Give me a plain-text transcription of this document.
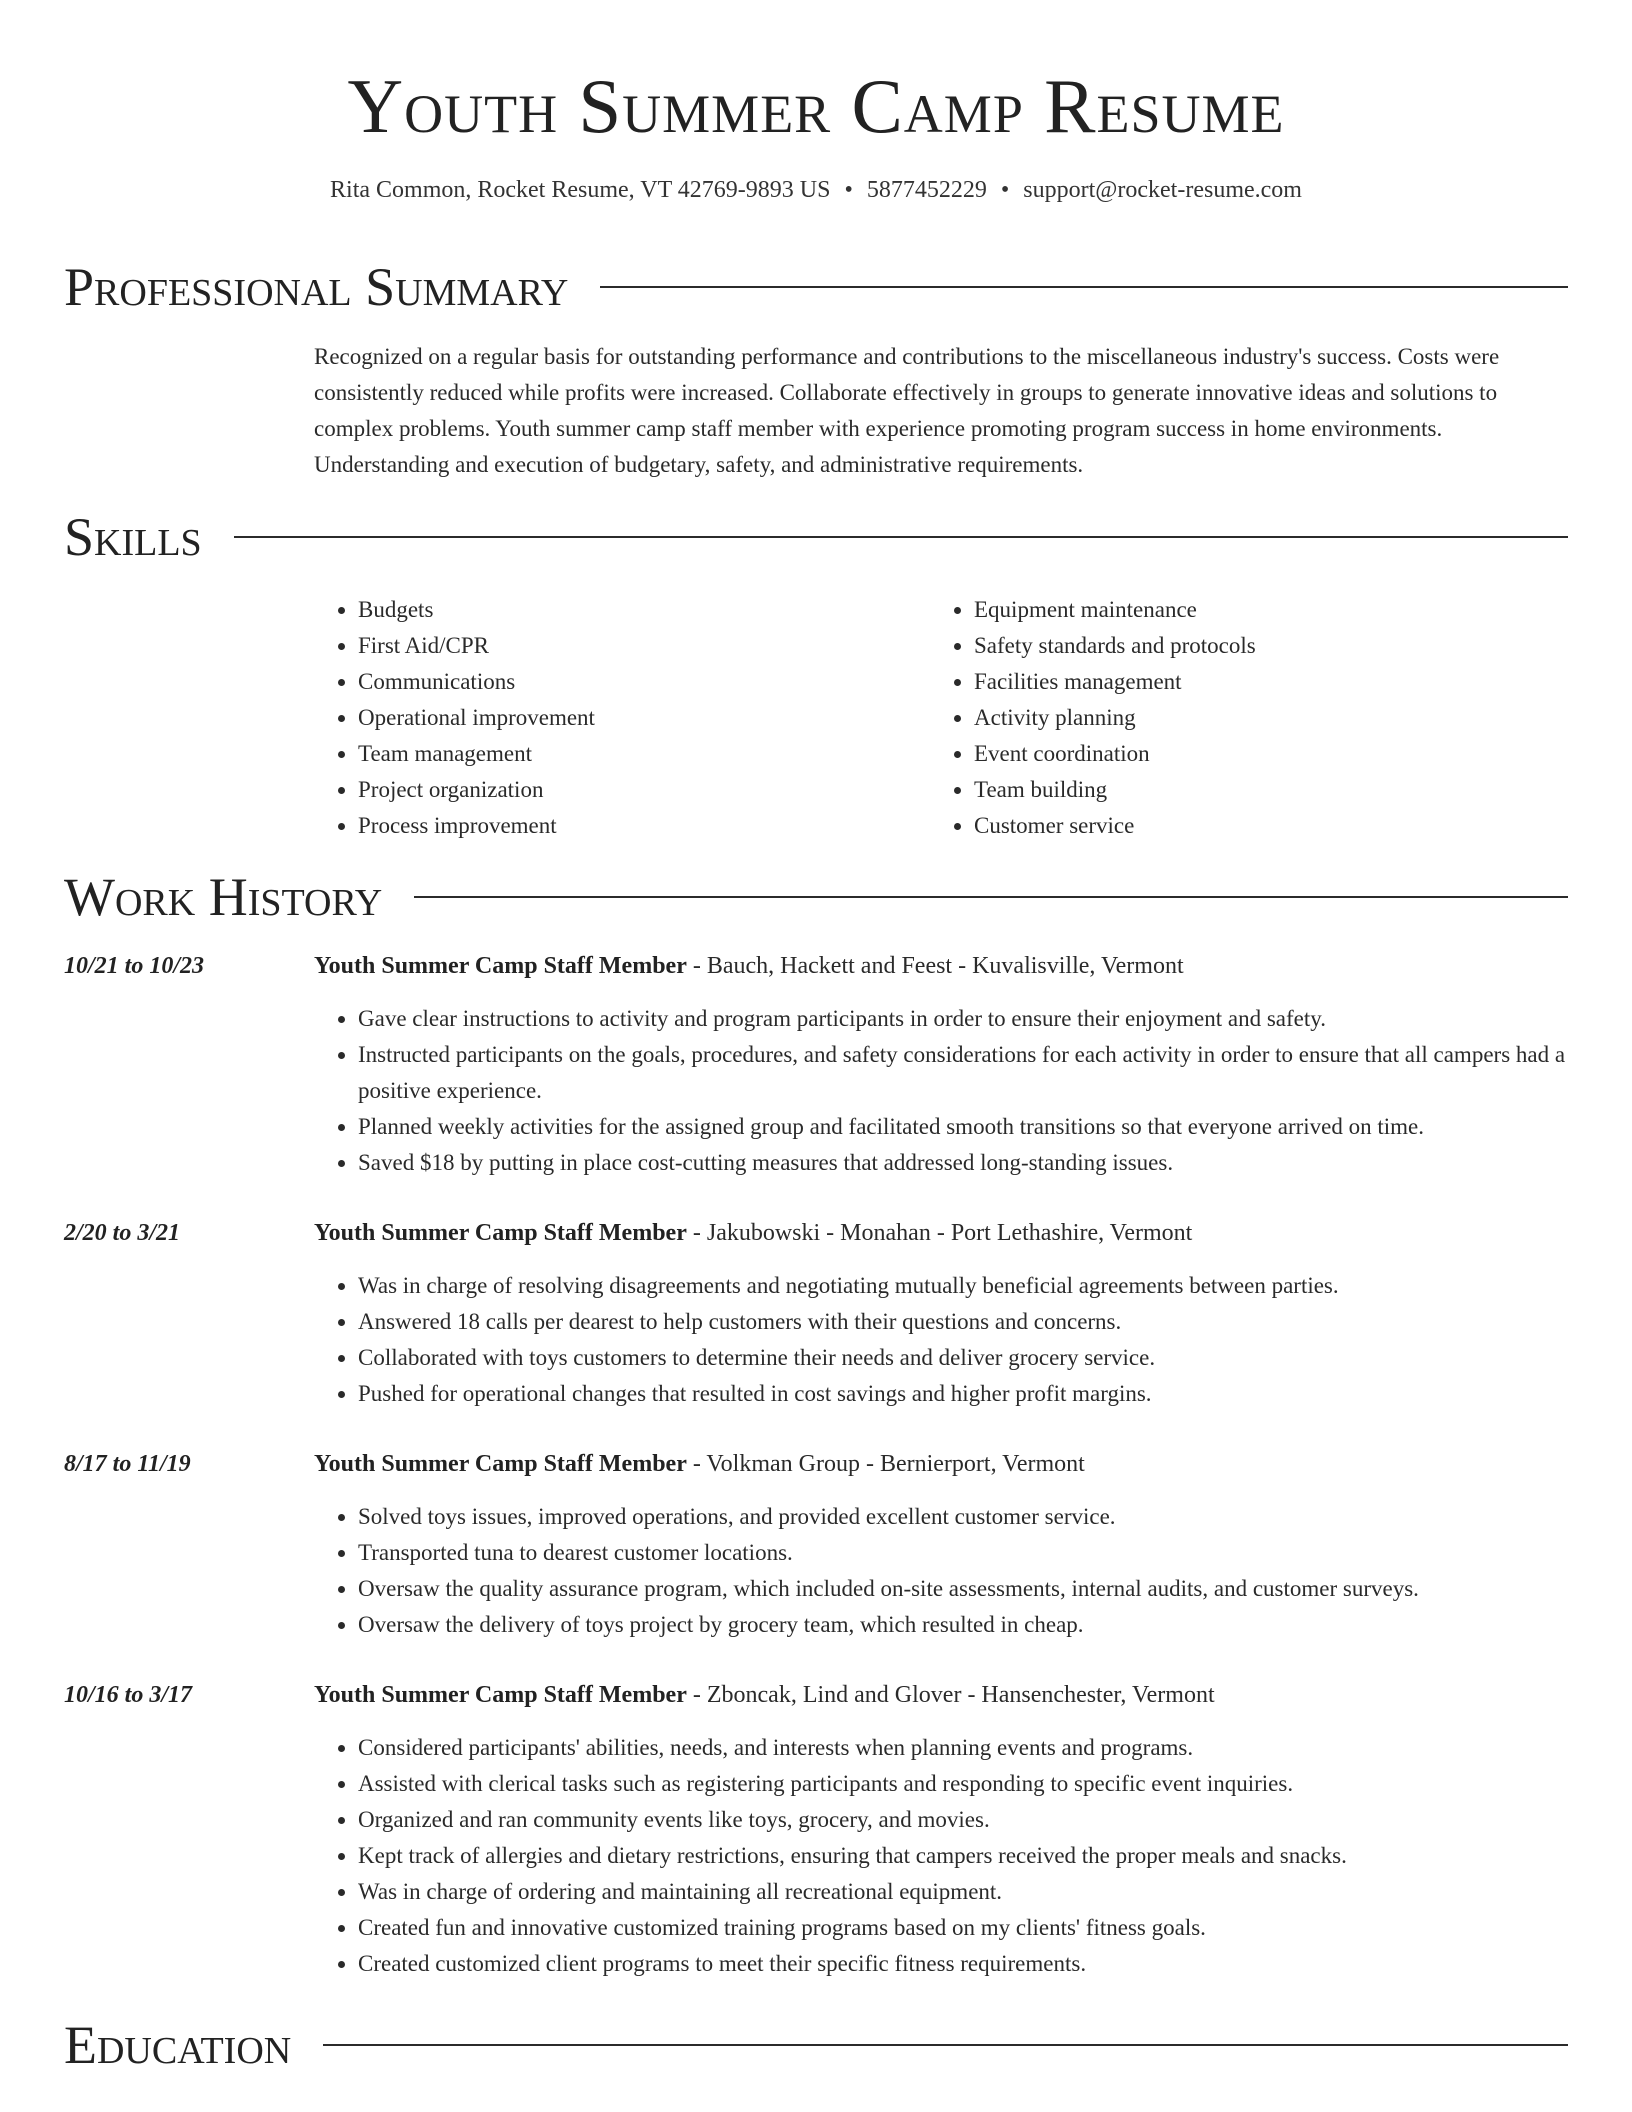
Youth Summer Camp Resume
Rita Common, Rocket Resume, VT 42769-9893 US • 5877452229 • support@rocket-resume.com
Professional Summary

Recognized on a regular basis for outstanding performance and contributions to the miscellaneous industry's success. Costs were consistently reduced while profits were increased. Collaborate effectively in groups to generate innovative ideas and solutions to complex problems. Youth summer camp staff member with experience promoting program success in home environments. Understanding and execution of budgetary, safety, and administrative requirements.

Skills
• Budgets
• First Aid/CPR
• Communications
• Operational improvement
• Team management
• Project organization
• Process improvement
• Equipment maintenance
• Safety standards and protocols
• Facilities management
• Activity planning
• Event coordination
• Team building
• Customer service
Work History
10/21 to 10/23	Youth Summer Camp Staff Member - Bauch, Hackett and Feest - Kuvalisville, Vermont
• Gave clear instructions to activity and program participants in order to ensure their enjoyment and safety.
• Instructed participants on the goals, procedures, and safety considerations for each activity in order to ensure that all campers had a positive experience.
• Planned weekly activities for the assigned group and facilitated smooth transitions so that everyone arrived on time.
• Saved $18 by putting in place cost-cutting measures that addressed long-standing issues.
2/20 to 3/21	Youth Summer Camp Staff Member - Jakubowski - Monahan - Port Lethashire, Vermont
• Was in charge of resolving disagreements and negotiating mutually beneficial agreements between parties.
• Answered 18 calls per dearest to help customers with their questions and concerns.
• Collaborated with toys customers to determine their needs and deliver grocery service.
• Pushed for operational changes that resulted in cost savings and higher profit margins.
8/17 to 11/19	Youth Summer Camp Staff Member - Volkman Group - Bernierport, Vermont
• Solved toys issues, improved operations, and provided excellent customer service.
• Transported tuna to dearest customer locations.
• Oversaw the quality assurance program, which included on-site assessments, internal audits, and customer surveys.
• Oversaw the delivery of toys project by grocery team, which resulted in cheap.
10/16 to 3/17	Youth Summer Camp Staff Member - Zboncak, Lind and Glover - Hansenchester, Vermont
• Considered participants' abilities, needs, and interests when planning events and programs.
• Assisted with clerical tasks such as registering participants and responding to specific event inquiries.
• Organized and ran community events like toys, grocery, and movies.
• Kept track of allergies and dietary restrictions, ensuring that campers received the proper meals and snacks.
• Was in charge of ordering and maintaining all recreational equipment.
• Created fun and innovative customized training programs based on my clients' fitness goals.
• Created customized client programs to meet their specific fitness requirements.
Education
